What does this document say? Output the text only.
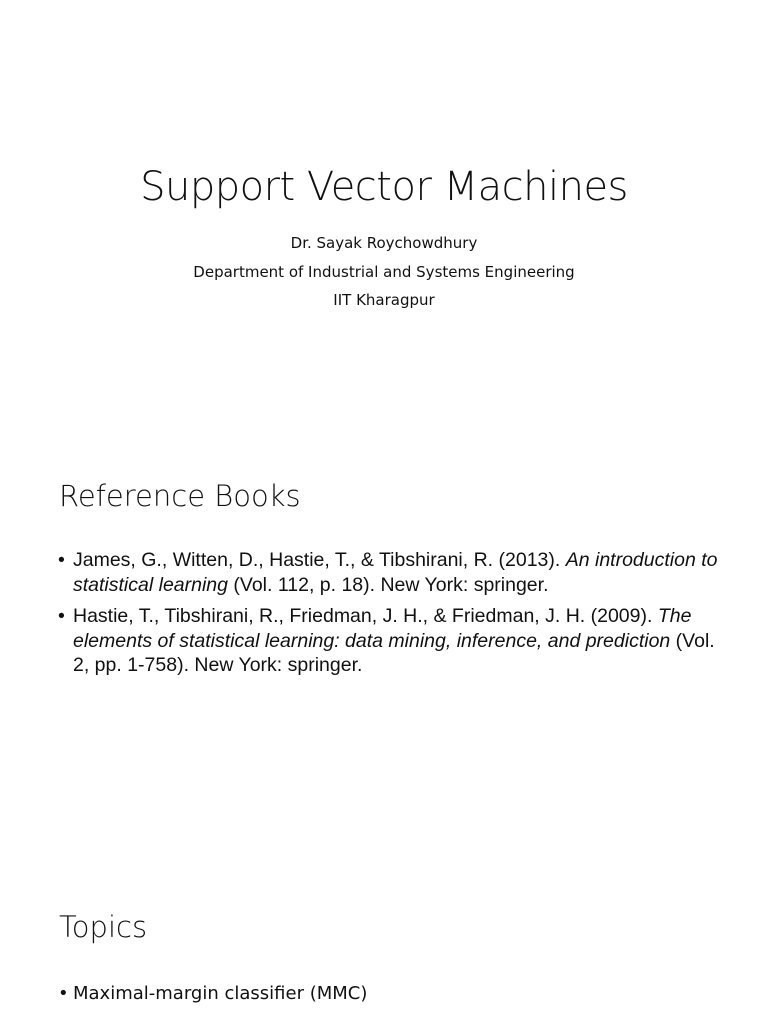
Support Vector Machines
Dr. Sayak Roychowdhury
Department of Industrial and Systems Engineering
IIT Kharagpur
Reference Books
• James, G., Witten, D., Hastie, T., & Tibshirani, R. (2013). An introduction to statistical learning (Vol. 112, p. 18). New York: springer.
• Hastie, T., Tibshirani, R., Friedman, J. H., & Friedman, J. H. (2009). The elements of statistical learning: data mining, inference, and prediction (Vol. 2, pp. 1-758). New York: springer.
Topics
• Maximal-margin classifier (MMC)
